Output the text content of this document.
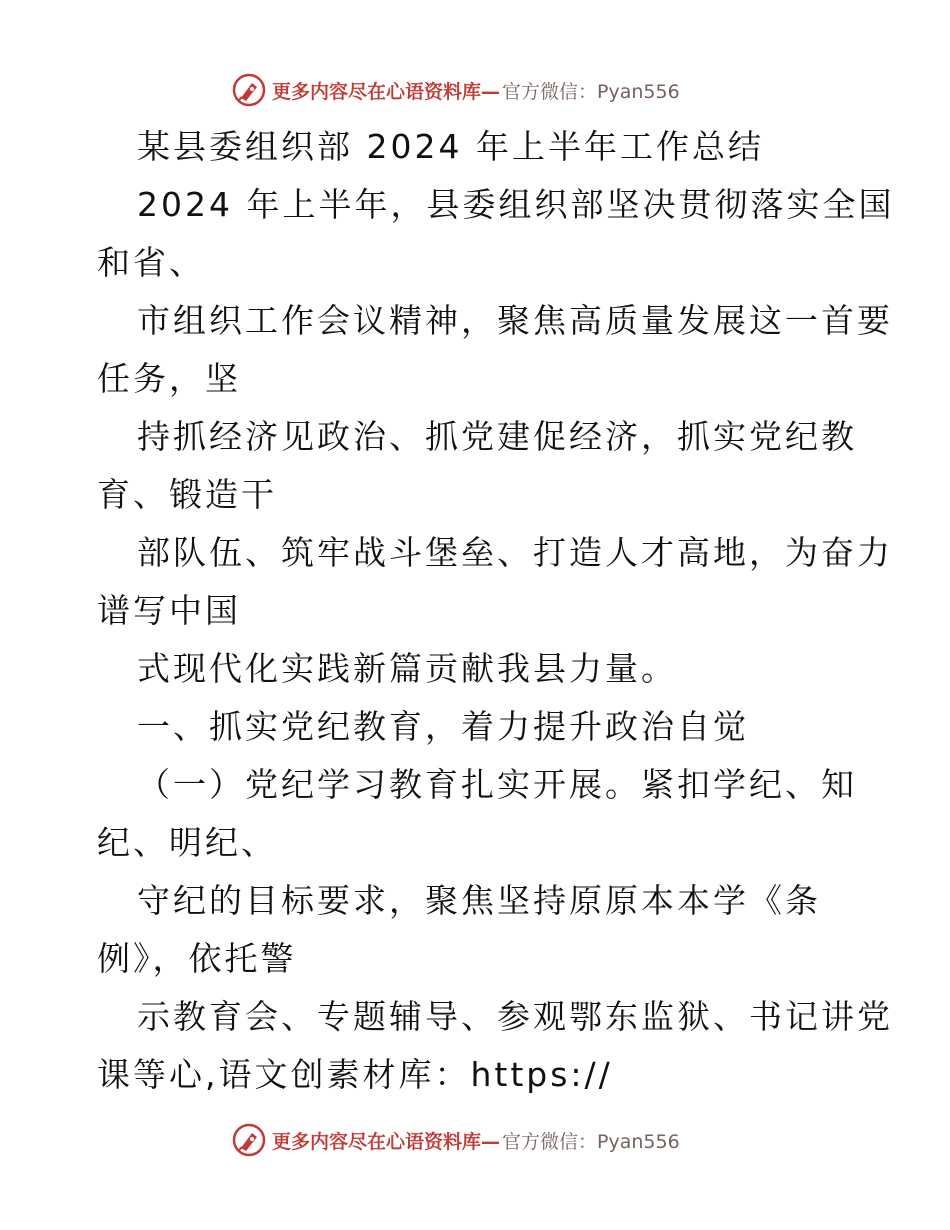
更多内容尽在心语资料库— 官方微信：Pyan556
某县委组织部 2024 年上半年工作总结
2024 年上半年，县委组织部坚决贯彻落实全国
和省、
市组织工作会议精神，聚焦高质量发展这一首要
任务，坚
持抓经济见政治、抓党建促经济，抓实党纪教
育、锻造干
部队伍、筑牢战斗堡垒、打造人才高地，为奋力
谱写中国
式现代化实践新篇贡献我县力量。
一、抓实党纪教育，着力提升政治自觉
（一）党纪学习教育扎实开展。紧扣学纪、知
纪、明纪、
守纪的目标要求，聚焦坚持原原本本学《条
例》，依托警
示教育会、专题辅导、参观鄂东监狱、书记讲党
课等心,语文创素材库：https://
更多内容尽在心语资料库— 官方微信：Pyan556
